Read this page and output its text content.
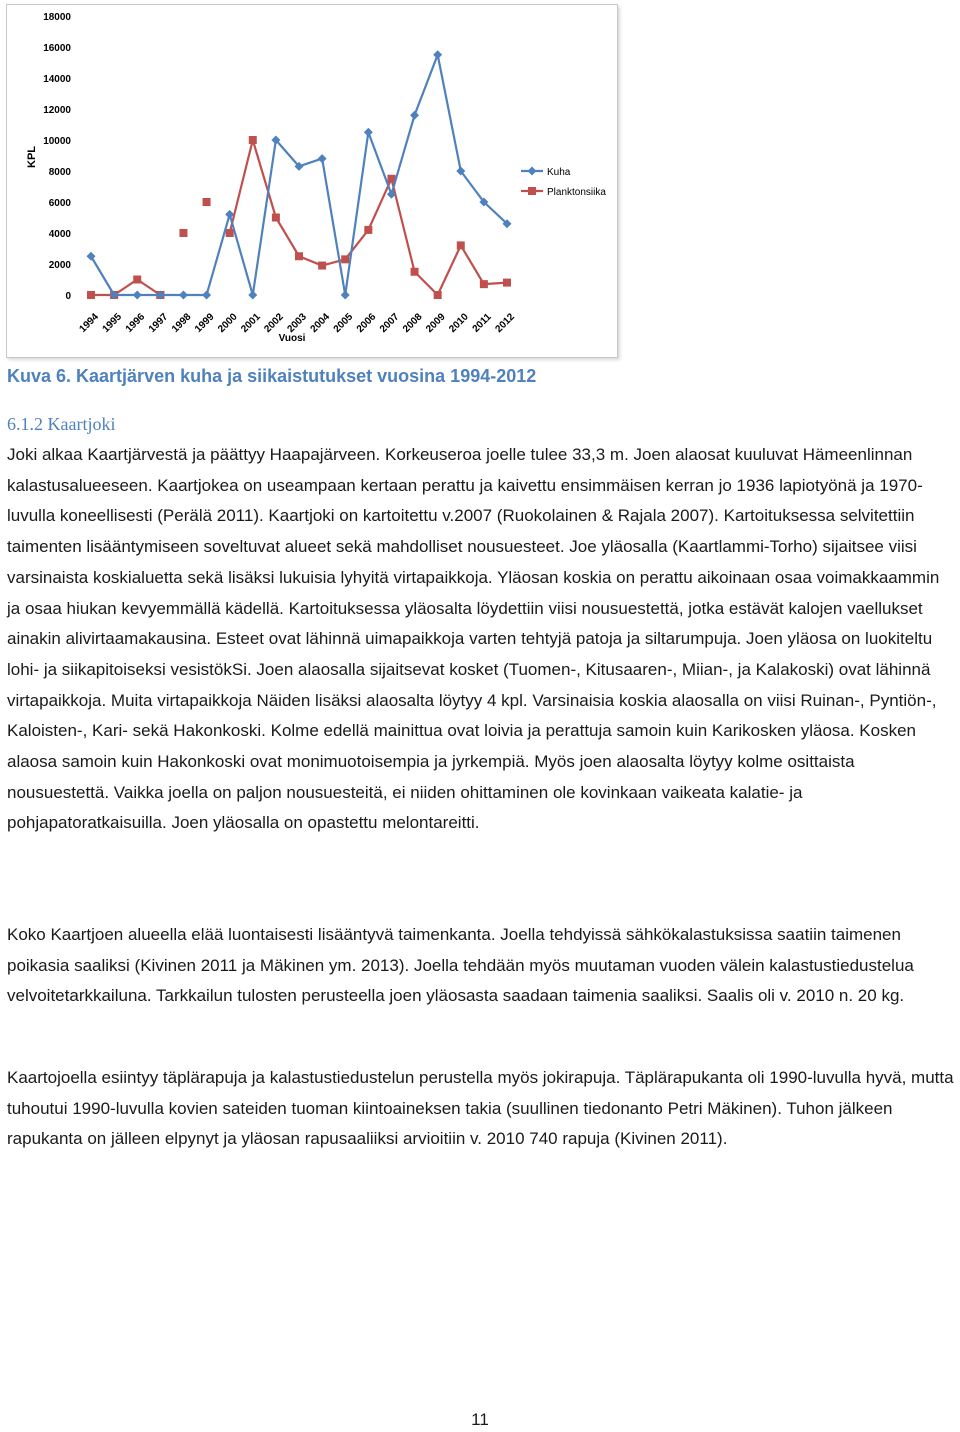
0
2000
4000
6000
8000
10000
12000
14000
16000
18000
1994 1995 1996 1997 1998 1999 2000 2001 2002 2003 2004 2005 2006 2007 2008 2009 2010 2011 2012
KPL
Vuosi
Kuha
Planktonsiika

Kuva 6. Kaartjärven kuha ja siikaistutukset vuosina 1994-2012

6.1.2 Kaartjoki

Joki alkaa Kaartjärvestä ja päättyy Haapajärveen. Korkeuseroa joelle tulee 33,3 m. Joen alaosat kuuluvat Hämeenlinnan kalastusalueeseen. Kaartjokea on useampaan kertaan perattu ja kaivettu ensimmäisen kerran jo 1936 lapiotyönä ja 1970-luvulla koneellisesti (Perälä 2011). Kaartjoki on kartoitettu v.2007 (Ruokolainen & Rajala 2007). Kartoituksessa selvitettiin taimenten lisääntymiseen soveltuvat alueet sekä mahdolliset nousuesteet. Joe yläosalla (Kaartlammi-Torho) sijaitsee viisi varsinaista koskialuetta sekä lisäksi lukuisia lyhyitä virtapaikkoja. Yläosan koskia on perattu aikoinaan osaa voimakkaammin ja osaa hiukan kevyemmällä kädellä. Kartoituksessa yläosalta löydettiin viisi nousuestettä, jotka estävät kalojen vaellukset ainakin alivirtaamakausina. Esteet ovat lähinnä uimapaikkoja varten tehtyjä patoja ja siltarumpuja. Joen yläosa on luokiteltu lohi- ja siikapitoiseksi vesistökSi. Joen alaosalla sijaitsevat kosket (Tuomen-, Kitusaaren-, Miian-, ja Kalakoski) ovat lähinnä virtapaikkoja. Muita virtapaikkoja Näiden lisäksi alaosalta löytyy 4 kpl. Varsinaisia koskia alaosalla on viisi Ruinan-, Pyntiön-, Kaloisten-, Kari- sekä Hakonkoski. Kolme edellä mainittua ovat loivia ja perattuja samoin kuin Karikosken yläosa. Kosken alaosa samoin kuin Hakonkoski ovat monimuotoisempia ja jyrkempiä. Myös joen alaosalta löytyy kolme osittaista nousuestettä. Vaikka joella on paljon nousuesteitä, ei niiden ohittaminen ole kovinkaan vaikeata kalatie- ja pohjapatoratkaisuilla. Joen yläosalla on opastettu melontareitti.

Koko Kaartjoen alueella elää luontaisesti lisääntyvä taimenkanta. Joella tehdyissä sähkökalastuksissa saatiin taimenen poikasia saaliksi (Kivinen 2011 ja Mäkinen ym. 2013). Joella tehdään myös muutaman vuoden välein kalastustiedustelua velvoitetarkkailuna. Tarkkailun tulosten perusteella joen yläosasta saadaan taimenia saaliksi. Saalis oli v. 2010 n. 20 kg.

Kaartojoella esiintyy täplärapuja ja kalastustiedustelun perustella myös jokirapuja. Täplärapukanta oli 1990-luvulla hyvä, mutta tuhoutui 1990-luvulla kovien sateiden tuoman kiintoaineksen takia (suullinen tiedonanto Petri Mäkinen). Tuhon jälkeen rapukanta on jälleen elpynyt ja yläosan rapusaaliiksi arvioitiin v. 2010 740 rapuja (Kivinen 2011).

11
